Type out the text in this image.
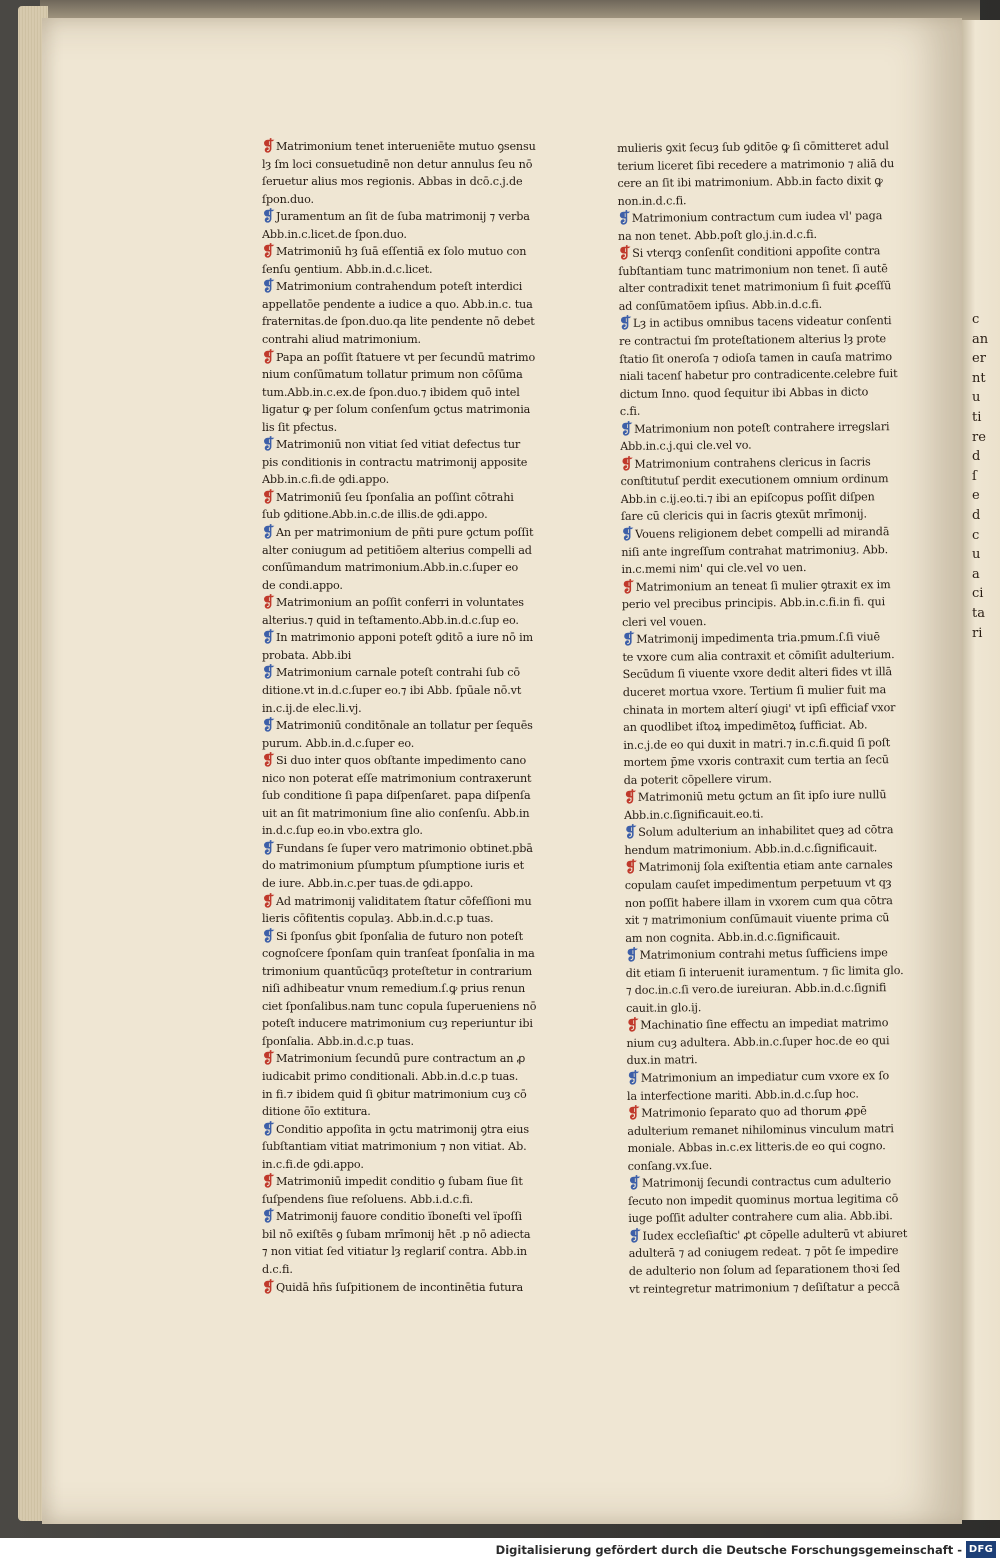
❡ Matrimonium tenet interueniēte mutuo ꝯsensu
lȝ ſm loci consuetudinē non detur annulus ſeu nō
ſeruetur alius mos regionis. Abbas in dcō.c.j.de
ſpon.duo.
❡ Juramentum an ſit de ſuba matrimonij ⁊ verba
Abb.in.c.licet.de ſpon.duo.
❡ Matrimoniū hȝ ſuā eſſentiā ex ſolo mutuo con
ſenſu ꝯentium. Abb.in.d.c.licet.
❡ Matrimonium contrahendum poteſt interdici
appellatōe pendente a iudice a quo. Abb.in.c. tua
fraternitas.de ſpon.duo.qa lite pendente nō debet
contrahi aliud matrimonium.
❡ Papa an poſſit ſtatuere vt per ſecundū matrimo
nium conſūmatum tollatur primum non cōſūma
tum.Abb.in.c.ex.de ſpon.duo.⁊ ibidem quō intel
ligatur ꝙ per ſolum conſenſum ꝯctus matrimonia
lis ſit pfectus.
❡ Matrimoniū non vitiat ſed vitiat defectus tur
pis conditionis in contractu matrimonij apposite
Abb.in.c.fi.de ꝯdi.appo.
❡ Matrimoniū ſeu ſponſalia an poſſint cōtrahi
ſub ꝯditione.Abb.in.c.de illis.de ꝯdi.appo.
❡ An per matrimonium de pñti pure ꝯctum poſſit
alter coniugum ad petitiōem alterius compelli ad
conſūmandum matrimonium.Abb.in.c.ſuper eo
de condi.appo.
❡ Matrimonium an poſſit conferri in voluntates
alterius.⁊ quid in teſtamento.Abb.in.d.c.ſup eo.
❡ In matrimonio apponi poteſt ꝯditō a iure nō im
probata. Abb.ibi
❡ Matrimonium carnale poteſt contrahi ſub cō
ditione.vt in.d.c.ſuper eo.⁊ ibi Abb. ſpūale nō.vt
in.c.ij.de elec.li.vj.
❡ Matrimoniū conditōnale an tollatur per ſequēs
purum. Abb.in.d.c.ſuper eo.
❡ Si duo inter quos obſtante impedimento cano
nico non poterat eſſe matrimonium contraxerunt
ſub conditione ſi papa diſpenſaret. papa diſpenſa
uit an ſit matrimonium ſine alio conſenſu. Abb.in
in.d.c.ſup eo.in vbo.extra glo.
❡ Fundans ſe ſuper vero matrimonio obtinet.pbā
do matrimonium pſumptum pſumptione iuris et
de iure. Abb.in.c.per tuas.de ꝯdi.appo.
❡ Ad matrimonij validitatem ſtatur cōfeſſioni mu
lieris cōfitentis copulaȝ. Abb.in.d.c.p tuas.
❡ Si ſponſus ꝯbit ſponſalia de futuro non poteſt
cognoſcere ſponſam quin tranſeat ſponſalia in ma
trimonium quantūcūqȝ proteſtetur in contrarium
niſi adhibeatur vnum remedium.ſ.ꝙ prius renun
ciet ſponſalibus.nam tunc copula ſuperueniens nō
poteſt inducere matrimonium cuȝ reperiuntur ibi
ſponſalia. Abb.in.d.c.p tuas.
❡ Matrimonium ſecundū pure contractum an ꝓ
iudicabit primo conditionali. Abb.in.d.c.p tuas.
in fi.⁊ ibidem quid ſi ꝯbitur matrimonium cuȝ cō
ditione ōīo extitura.
❡ Conditio appoſita in ꝯctu matrimonij ꝯtra eius
ſubſtantiam vitiat matrimonium ⁊ non vitiat. Ab.
in.c.fi.de ꝯdi.appo.
❡ Matrimoniū impedit conditio ꝯ ſubam ſiue ſit
ſuſpendens ſiue reſoluens. Abb.i.d.c.fi.
❡ Matrimonij fauore conditio ïboneſti vel ïpoſſi
bil nō exiſtēs ꝯ ſubam mrīmonij hēt .p nō adiecta
⁊ non vitiat ſed vitiatur lȝ reglariſ contra. Abb.in
d.c.fi.
❡ Quidā hñs ſuſpitionem de incontinētia futura
mulieris ꝯxit ſecuȝ ſub ꝯditōe ꝙ ſi cōmitteret adul
terium liceret ſibi recedere a matrimonio ⁊ aliā du
cere an ſit ibi matrimonium. Abb.in facto dixit ꝙ
non.in.d.c.fi.
❡ Matrimonium contractum cum iudea vl' paga
na non tenet. Abb.poſt glo.j.in.d.c.fi.
❡ Si vterqȝ conſenſit conditioni appoſite contra
ſubſtantiam tunc matrimonium non tenet. ſi autē
alter contradixit tenet matrimonium ſi fuit ꝓceſſū
ad conſūmatōem ipſius. Abb.in.d.c.fi.
❡ Lȝ in actibus omnibus tacens videatur conſenti
re contractui ſm proteſtationem alterius lȝ prote
ſtatio ſit oneroſa ⁊ odioſa tamen in cauſa matrimo
niali tacenſ habetur pro contradicente.celebre fuit
dictum Inno. quod ſequitur ibi Abbas in dicto
c.fi.
❡ Matrimonium non poteſt contrahere irregslari
Abb.in.c.j.qui cle.vel vo.
❡ Matrimonium contrahens clericus in ſacris
conſtitutuſ perdit executionem omnium ordinum
Abb.in c.ij.eo.ti.⁊ ibi an epiſcopus poſſit diſpen
ſare cū clericis qui in ſacris ꝯtexūt mrīmonij.
❡ Vouens religionem debet compelli ad mirandā
niſi ante ingreſſum contrahat matrimoniuȝ. Abb.
in.c.memi nim' qui cle.vel vo uen.
❡ Matrimonium an teneat ſi mulier ꝯtraxit ex im
perio vel precibus principis. Abb.in.c.fi.in fi. qui
cleri vel vouen.
❡ Matrimonij impedimenta tria.pmum.ſ.ſi viuē
te vxore cum alia contraxit et cōmiſit adulterium.
Secūdum ſi viuente vxore dedit alteri fides vt illā
duceret mortua vxore. Tertium ſi mulier fuit ma
chinata in mortem alterí ꝯiugi' vt ipſi efficiaf vxor
an quodlibet iſtoꝝ impedimētoꝝ ſufficiat. Ab.
in.c.j.de eo qui duxit in matri.⁊ in.c.fi.quid ſi poſt
mortem p̄me vxoris contraxit cum tertia an ſecū
da poterit cōpellere virum.
❡ Matrimoniū metu ꝯctum an ſit ipſo iure nullū
Abb.in.c.ſignificauit.eo.ti.
❡ Solum adulterium an inhabilitet queȝ ad cōtra
hendum matrimonium. Abb.in.d.c.ſignificauit.
❡ Matrimonij ſola exiſtentia etiam ante carnales
copulam cauſet impedimentum perpetuum vt qȝ
non poſſit habere illam in vxorem cum qua cōtra
xit ⁊ matrimonium conſūmauit viuente prima cū
am non cognita. Abb.in.d.c.ſignificauit.
❡ Matrimonium contrahi metus ſufficiens impe
dit etiam ſi interuenit iuramentum. ⁊ ſic limita glo.
⁊ doc.in.c.ſi vero.de iureiuran. Abb.in.d.c.ſignifi
cauit.in glo.ij.
❡ Machinatio ſine effectu an impediat matrimo
nium cuȝ adultera. Abb.in.c.ſuper hoc.de eo qui
dux.in matri.
❡ Matrimonium an impediatur cum vxore ex ſo
la interfectione mariti. Abb.in.d.c.ſup hoc.
❡ Matrimonio ſeparato quo ad thorum ꝓpē
adulterium remanet nihilominus vinculum matri
moniale. Abbas in.c.ex litteris.de eo qui cogno.
conſang.vx.ſue.
❡ Matrimonij ſecundi contractus cum adulterio
ſecuto non impedit quominus mortua legitima cō
iuge poſſit adulter contrahere cum alia. Abb.ibi.
❡ Iudex eccleſiaſtic' ꝓt cōpelle adulterū vt abiuret
adulterā ⁊ ad coniugem redeat. ⁊ pōt ſe impedire
de adulterio non ſolum ad ſeparationem thoꝛi ſed
vt reintegretur matrimonium ⁊ deſiſtatur a peccā
c
an
er
nt
u
ti
re
d
ſ
e
d
c
u
a
ci
ta
ri
Digitalisierung gefördert durch die Deutsche Forschungsgemeinschaft - DFG
